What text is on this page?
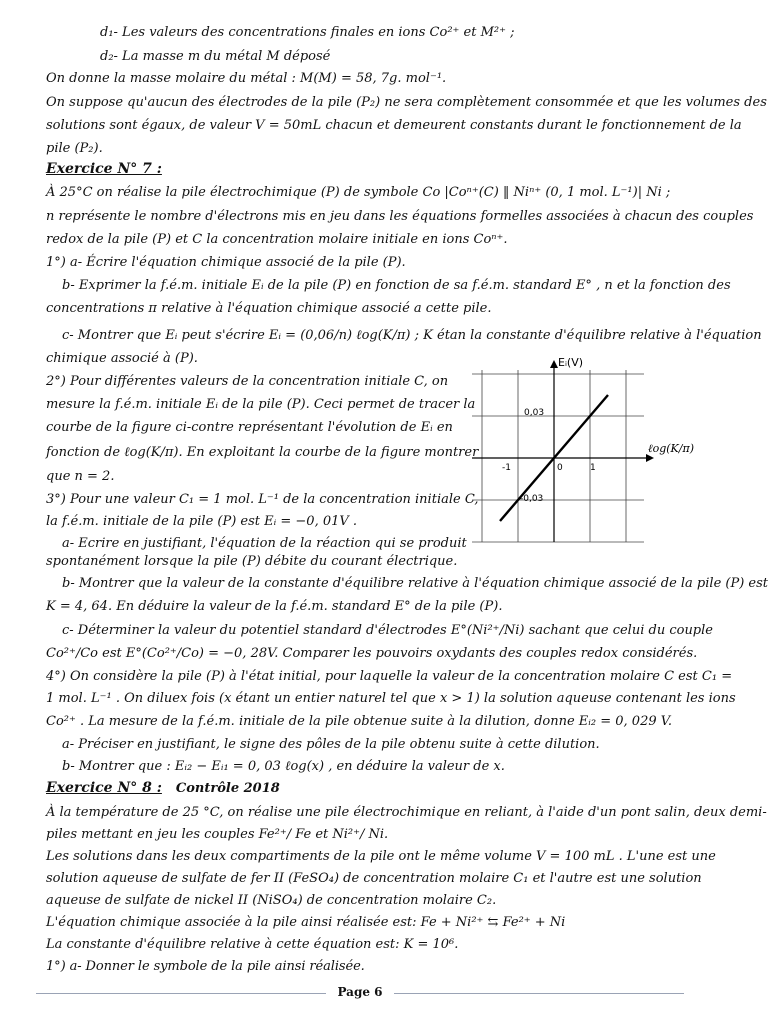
d₁- Les valeurs des concentrations finales en ions Co²⁺ et M²⁺ ;
d₂- La masse m du métal M déposé
On donne la masse molaire du métal : M(M) = 58, 7g. mol⁻¹.
On suppose qu'aucun des électrodes de la pile (P₂) ne sera complètement consommée et que les volumes des
solutions sont égaux, de valeur V = 50mL chacun et demeurent constants durant le fonctionnement de la
pile (P₂).
Exercice N° 7 :
À 25°C on réalise la pile électrochimique (P) de symbole Co |Coⁿ⁺(C) ‖ Niⁿ⁺ (0, 1 mol. L⁻¹)| Ni ;
n représente le nombre d'électrons mis en jeu dans les équations formelles associées à chacun des couples
redox de la pile (P) et C la concentration molaire initiale en ions Coⁿ⁺.
1°) a- Écrire l'équation chimique associé de la pile (P).
b- Exprimer la f.é.m. initiale Eᵢ de la pile (P) en fonction de sa f.é.m. standard E° , n et la fonction des
concentrations π relative à l'équation chimique associé a cette pile.
c- Montrer que Eᵢ peut s'écrire Eᵢ = (0,06/n) ℓog(K/π) ; K étan la constante d'équilibre relative à l'équation
chimique associé à (P).
2°) Pour différentes valeurs de la concentration initiale C, on
mesure la f.é.m. initiale Eᵢ de la pile (P). Ceci permet de tracer la
courbe de la figure ci-contre représentant l'évolution de Eᵢ en
fonction de ℓog(K/π). En exploitant la courbe de la figure montrer
que n = 2.
3°) Pour une valeur C₁ = 1 mol. L⁻¹ de la concentration initiale C,
la f.é.m. initiale de la pile (P) est Eᵢ = −0, 01V .
a- Ecrire en justifiant, l'équation de la réaction qui se produit
spontanément lorsque la pile (P) débite du courant électrique.
Eᵢ(V)
ℓog(K/π)
0,03
-0,03
-1	1
0
b- Montrer que la valeur de la constante d'équilibre relative à l'équation chimique associé de la pile (P) est
K = 4, 64. En déduire la valeur de la f.é.m. standard E° de la pile (P).
c- Déterminer la valeur du potentiel standard d'électrodes E°(Ni²⁺/Ni) sachant que celui du couple
Co²⁺/Co est E°(Co²⁺/Co) = −0, 28V. Comparer les pouvoirs oxydants des couples redox considérés.
4°) On considère la pile (P) à l'état initial, pour laquelle la valeur de la concentration molaire C est C₁ =
1 mol. L⁻¹ . On diluex fois (x étant un entier naturel tel que x > 1) la solution aqueuse contenant les ions
Co²⁺ . La mesure de la f.é.m. initiale de la pile obtenue suite à la dilution, donne Eᵢ₂ = 0, 029 V.
a- Préciser en justifiant, le signe des pôles de la pile obtenu suite à cette dilution.
b- Montrer que : Eᵢ₂ − Eᵢ₁ = 0, 03 ℓog(x) , en déduire la valeur de x.
Exercice N° 8 : Contrôle 2018
À la température de 25 °C, on réalise une pile électrochimique en reliant, à l'aide d'un pont salin, deux demi-
piles mettant en jeu les couples Fe²⁺/ Fe et Ni²⁺/ Ni.
Les solutions dans les deux compartiments de la pile ont le même volume V = 100 mL . L'une est une
solution aqueuse de sulfate de fer II (FeSO₄) de concentration molaire C₁ et l'autre est une solution
aqueuse de sulfate de nickel II (NiSO₄) de concentration molaire C₂.
L'équation chimique associée à la pile ainsi réalisée est: Fe + Ni²⁺ ⇆ Fe²⁺ + Ni
La constante d'équilibre relative à cette équation est: K = 10⁶.
1°) a- Donner le symbole de la pile ainsi réalisée.
Page 6
